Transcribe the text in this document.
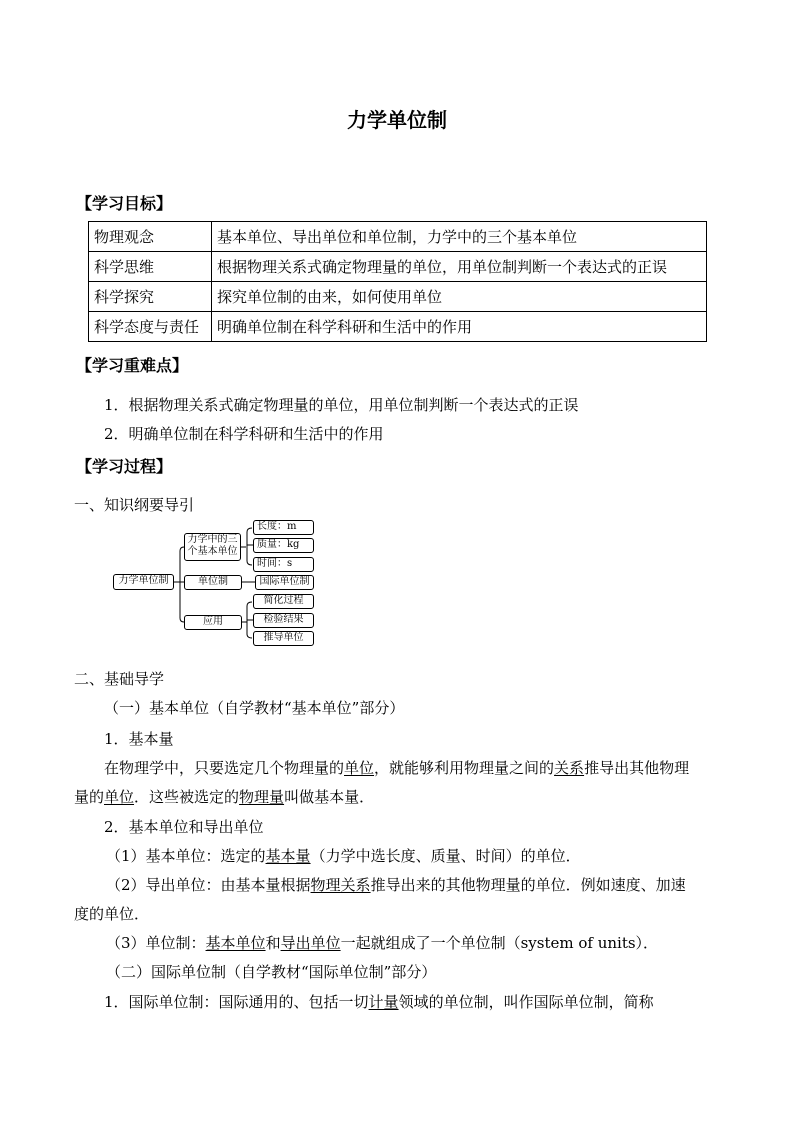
力学单位制
【学习目标】
物理观念	基本单位、导出单位和单位制，力学中的三个基本单位
科学思维	根据物理关系式确定物理量的单位，用单位制判断一个表达式的正误
科学探究	探究单位制的由来，如何使用单位
科学态度与责任	明确单位制在科学科研和生活中的作用
【学习重难点】
1．根据物理关系式确定物理量的单位，用单位制判断一个表达式的正误
2．明确单位制在科学科研和生活中的作用
【学习过程】
一、知识纲要导引
力学单位制
力学中的三个基本单位
单位制
应用
长度：m
质量：kg
时间：s
国际单位制
简化过程
检验结果
推导单位
二、基础导学
（一）基本单位（自学教材“基本单位”部分）
1．基本量
在物理学中，只要选定几个物理量的单位，就能够利用物理量之间的关系推导出其他物理
量的单位．这些被选定的物理量叫做基本量．
2．基本单位和导出单位
（1）基本单位：选定的基本量（力学中选长度、质量、时间）的单位．
（2）导出单位：由基本量根据物理关系推导出来的其他物理量的单位．例如速度、加速
度的单位．
（3）单位制：基本单位和导出单位一起就组成了一个单位制（system of units）．
（二）国际单位制（自学教材“国际单位制”部分）
1．国际单位制：国际通用的、包括一切计量领域的单位制，叫作国际单位制，简称
